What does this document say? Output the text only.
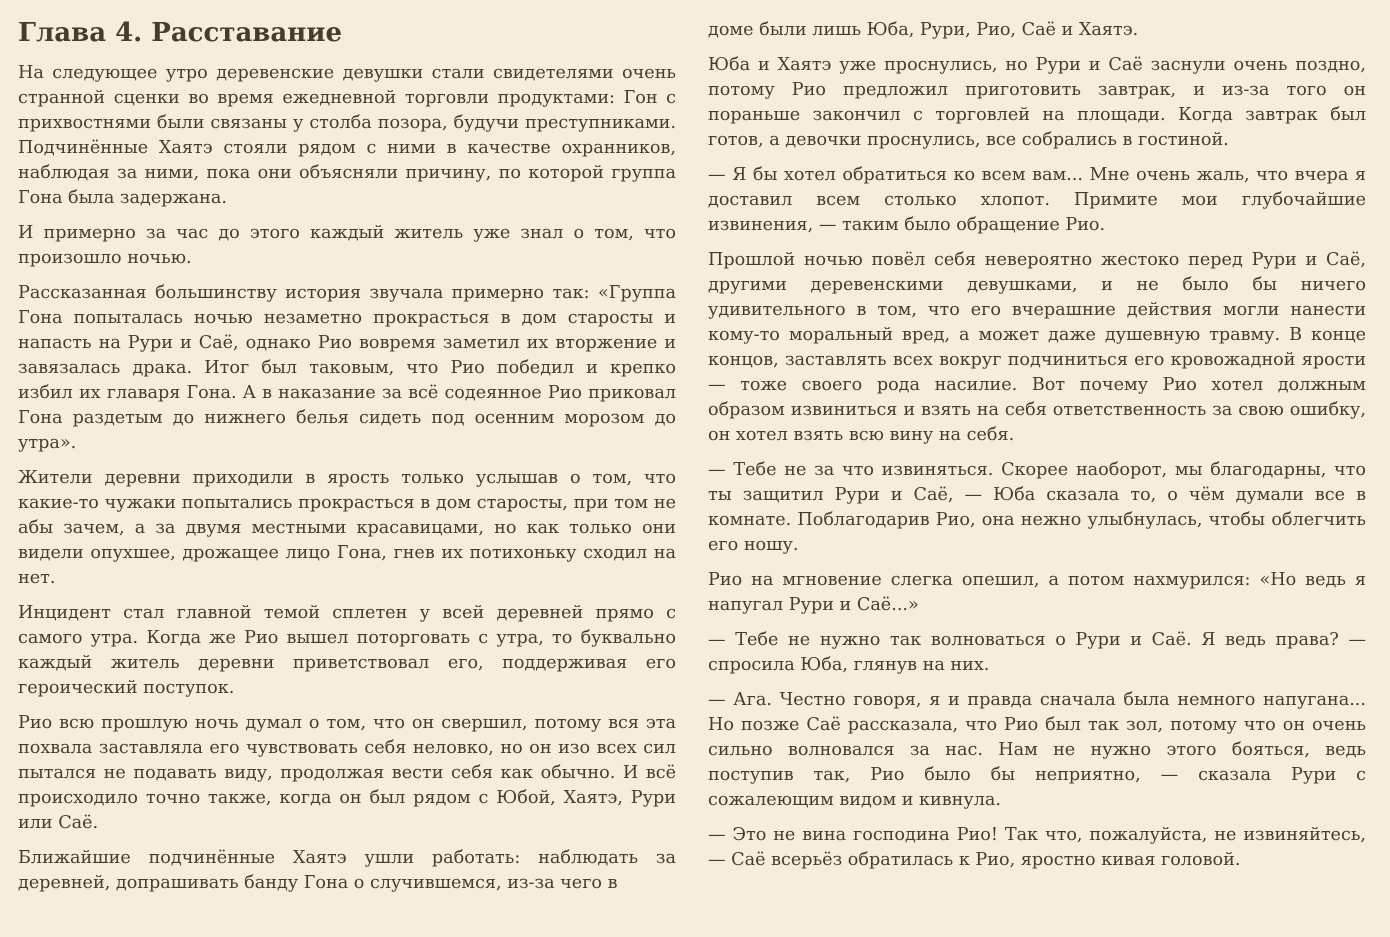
Глава 4. Расставание

На следующее утро деревенские девушки стали свидетелями очень странной сценки во время ежедневной торговли продуктами: Гон с прихвостнями были связаны у столба позора, будучи преступниками. Подчинённые Хаятэ стояли рядом с ними в качестве охранников, наблюдая за ними, пока они объясняли причину, по которой группа Гона была задержана.

И примерно за час до этого каждый житель уже знал о том, что произошло ночью.

Рассказанная большинству история звучала примерно так: «Группа Гона попыталась ночью незаметно прокрасться в дом старосты и напасть на Рури и Саё, однако Рио вовремя заметил их вторжение и завязалась драка. Итог был таковым, что Рио победил и крепко избил их главаря Гона. А в наказание за всё содеянное Рио приковал Гона раздетым до нижнего белья сидеть под осенним морозом до утра».

Жители деревни приходили в ярость только услышав о том, что какие-то чужаки попытались прокрасться в дом старосты, при том не абы зачем, а за двумя местными красавицами, но как только они видели опухшее, дрожащее лицо Гона, гнев их потихоньку сходил на нет.

Инцидент стал главной темой сплетен у всей деревней прямо с самого утра. Когда же Рио вышел поторговать с утра, то буквально каждый житель деревни приветствовал его, поддерживая его героический поступок.

Рио всю прошлую ночь думал о том, что он свершил, потому вся эта похвала заставляла его чувствовать себя неловко, но он изо всех сил пытался не подавать виду, продолжая вести себя как обычно. И всё происходило точно также, когда он был рядом с Юбой, Хаятэ, Рури или Саё.

Ближайшие подчинённые Хаятэ ушли работать: наблюдать за деревней, допрашивать банду Гона о случившемся, из-за чего в

доме были лишь Юба, Рури, Рио, Саё и Хаятэ.

Юба и Хаятэ уже проснулись, но Рури и Саё заснули очень поздно, потому Рио предложил приготовить завтрак, и из-за того он пораньше закончил с торговлей на площади. Когда завтрак был готов, а девочки проснулись, все собрались в гостиной.

— Я бы хотел обратиться ко всем вам... Мне очень жаль, что вчера я доставил всем столько хлопот. Примите мои глубочайшие извинения, — таким было обращение Рио.

Прошлой ночью повёл себя невероятно жестоко перед Рури и Саё, другими деревенскими девушками, и не было бы ничего удивительного в том, что его вчерашние действия могли нанести кому-то моральный вред, а может даже душевную травму. В конце концов, заставлять всех вокруг подчиниться его кровожадной ярости — тоже своего рода насилие. Вот почему Рио хотел должным образом извиниться и взять на себя ответственность за свою ошибку, он хотел взять всю вину на себя.

— Тебе не за что извиняться. Скорее наоборот, мы благодарны, что ты защитил Рури и Саё, — Юба сказала то, о чём думали все в комнате. Поблагодарив Рио, она нежно улыбнулась, чтобы облегчить его ношу.

Рио на мгновение слегка опешил, а потом нахмурился: «Но ведь я напугал Рури и Саё...»

— Тебе не нужно так волноваться о Рури и Саё. Я ведь права? — спросила Юба, глянув на них.

— Ага. Честно говоря, я и правда сначала была немного напугана... Но позже Саё рассказала, что Рио был так зол, потому что он очень сильно волновался за нас. Нам не нужно этого бояться, ведь поступив так, Рио было бы неприятно, — сказала Рури с сожалеющим видом и кивнула.

— Это не вина господина Рио! Так что, пожалуйста, не извиняйтесь, — Саё всерьёз обратилась к Рио, яростно кивая головой.
